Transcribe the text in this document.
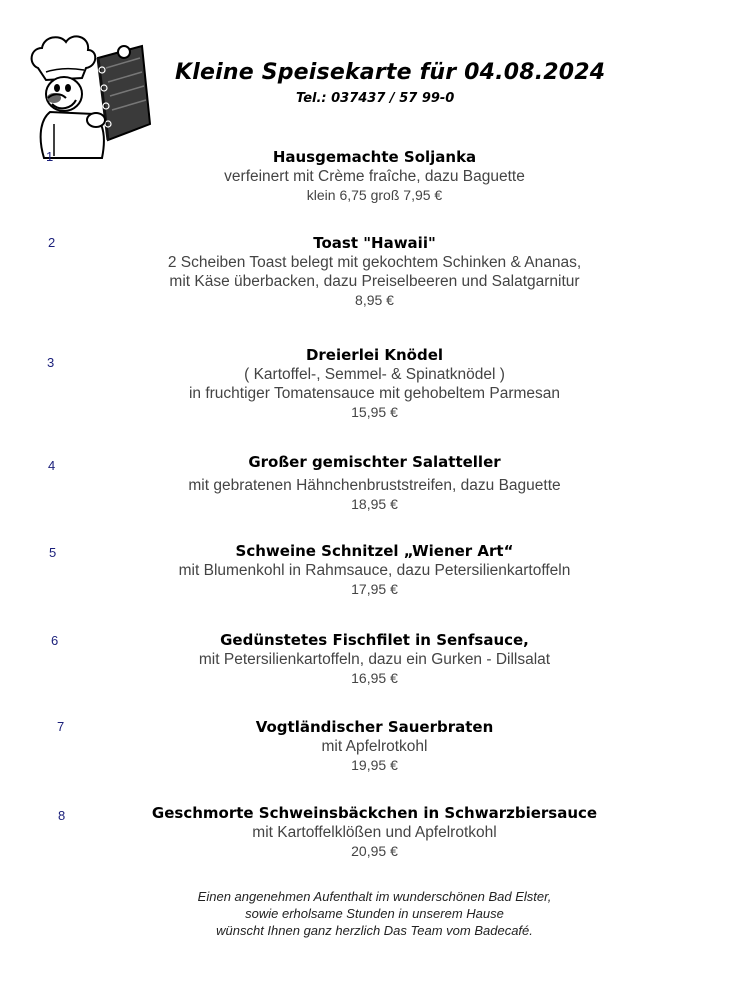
Kleine Speisekarte für 04.08.2024

Tel.: 037437 / 57 99-0

1	Hausgemachte Soljanka
verfeinert mit Crème fraîche, dazu Baguette
klein 6,75 groß 7,95 €
2	Toast "Hawaii"
2 Scheiben Toast belegt mit gekochtem Schinken & Ananas,
mit Käse überbacken, dazu Preiselbeeren und Salatgarnitur
8,95 €
3	Dreierlei Knödel
( Kartoffel-, Semmel- & Spinatknödel )
in fruchtiger Tomatensauce mit gehobeltem Parmesan
15,95 €
4	Großer gemischter Salatteller
mit gebratenen Hähnchenbruststreifen, dazu Baguette
18,95 €
5	Schweine Schnitzel „Wiener Art“
mit Blumenkohl in Rahmsauce, dazu Petersilienkartoffeln
17,95 €
6	Gedünstetes Fischfilet in Senfsauce,
mit Petersilienkartoffeln, dazu ein Gurken - Dillsalat
16,95 €
7	Vogtländischer Sauerbraten
mit Apfelrotkohl
19,95 €
8	Geschmorte Schweinsbäckchen in Schwarzbiersauce
mit Kartoffelklößen und Apfelrotkohl
20,95 €
Einen angenehmen Aufenthalt im wunderschönen Bad Elster,
sowie erholsame Stunden in unserem Hause
wünscht Ihnen ganz herzlich Das Team vom Badecafé.
